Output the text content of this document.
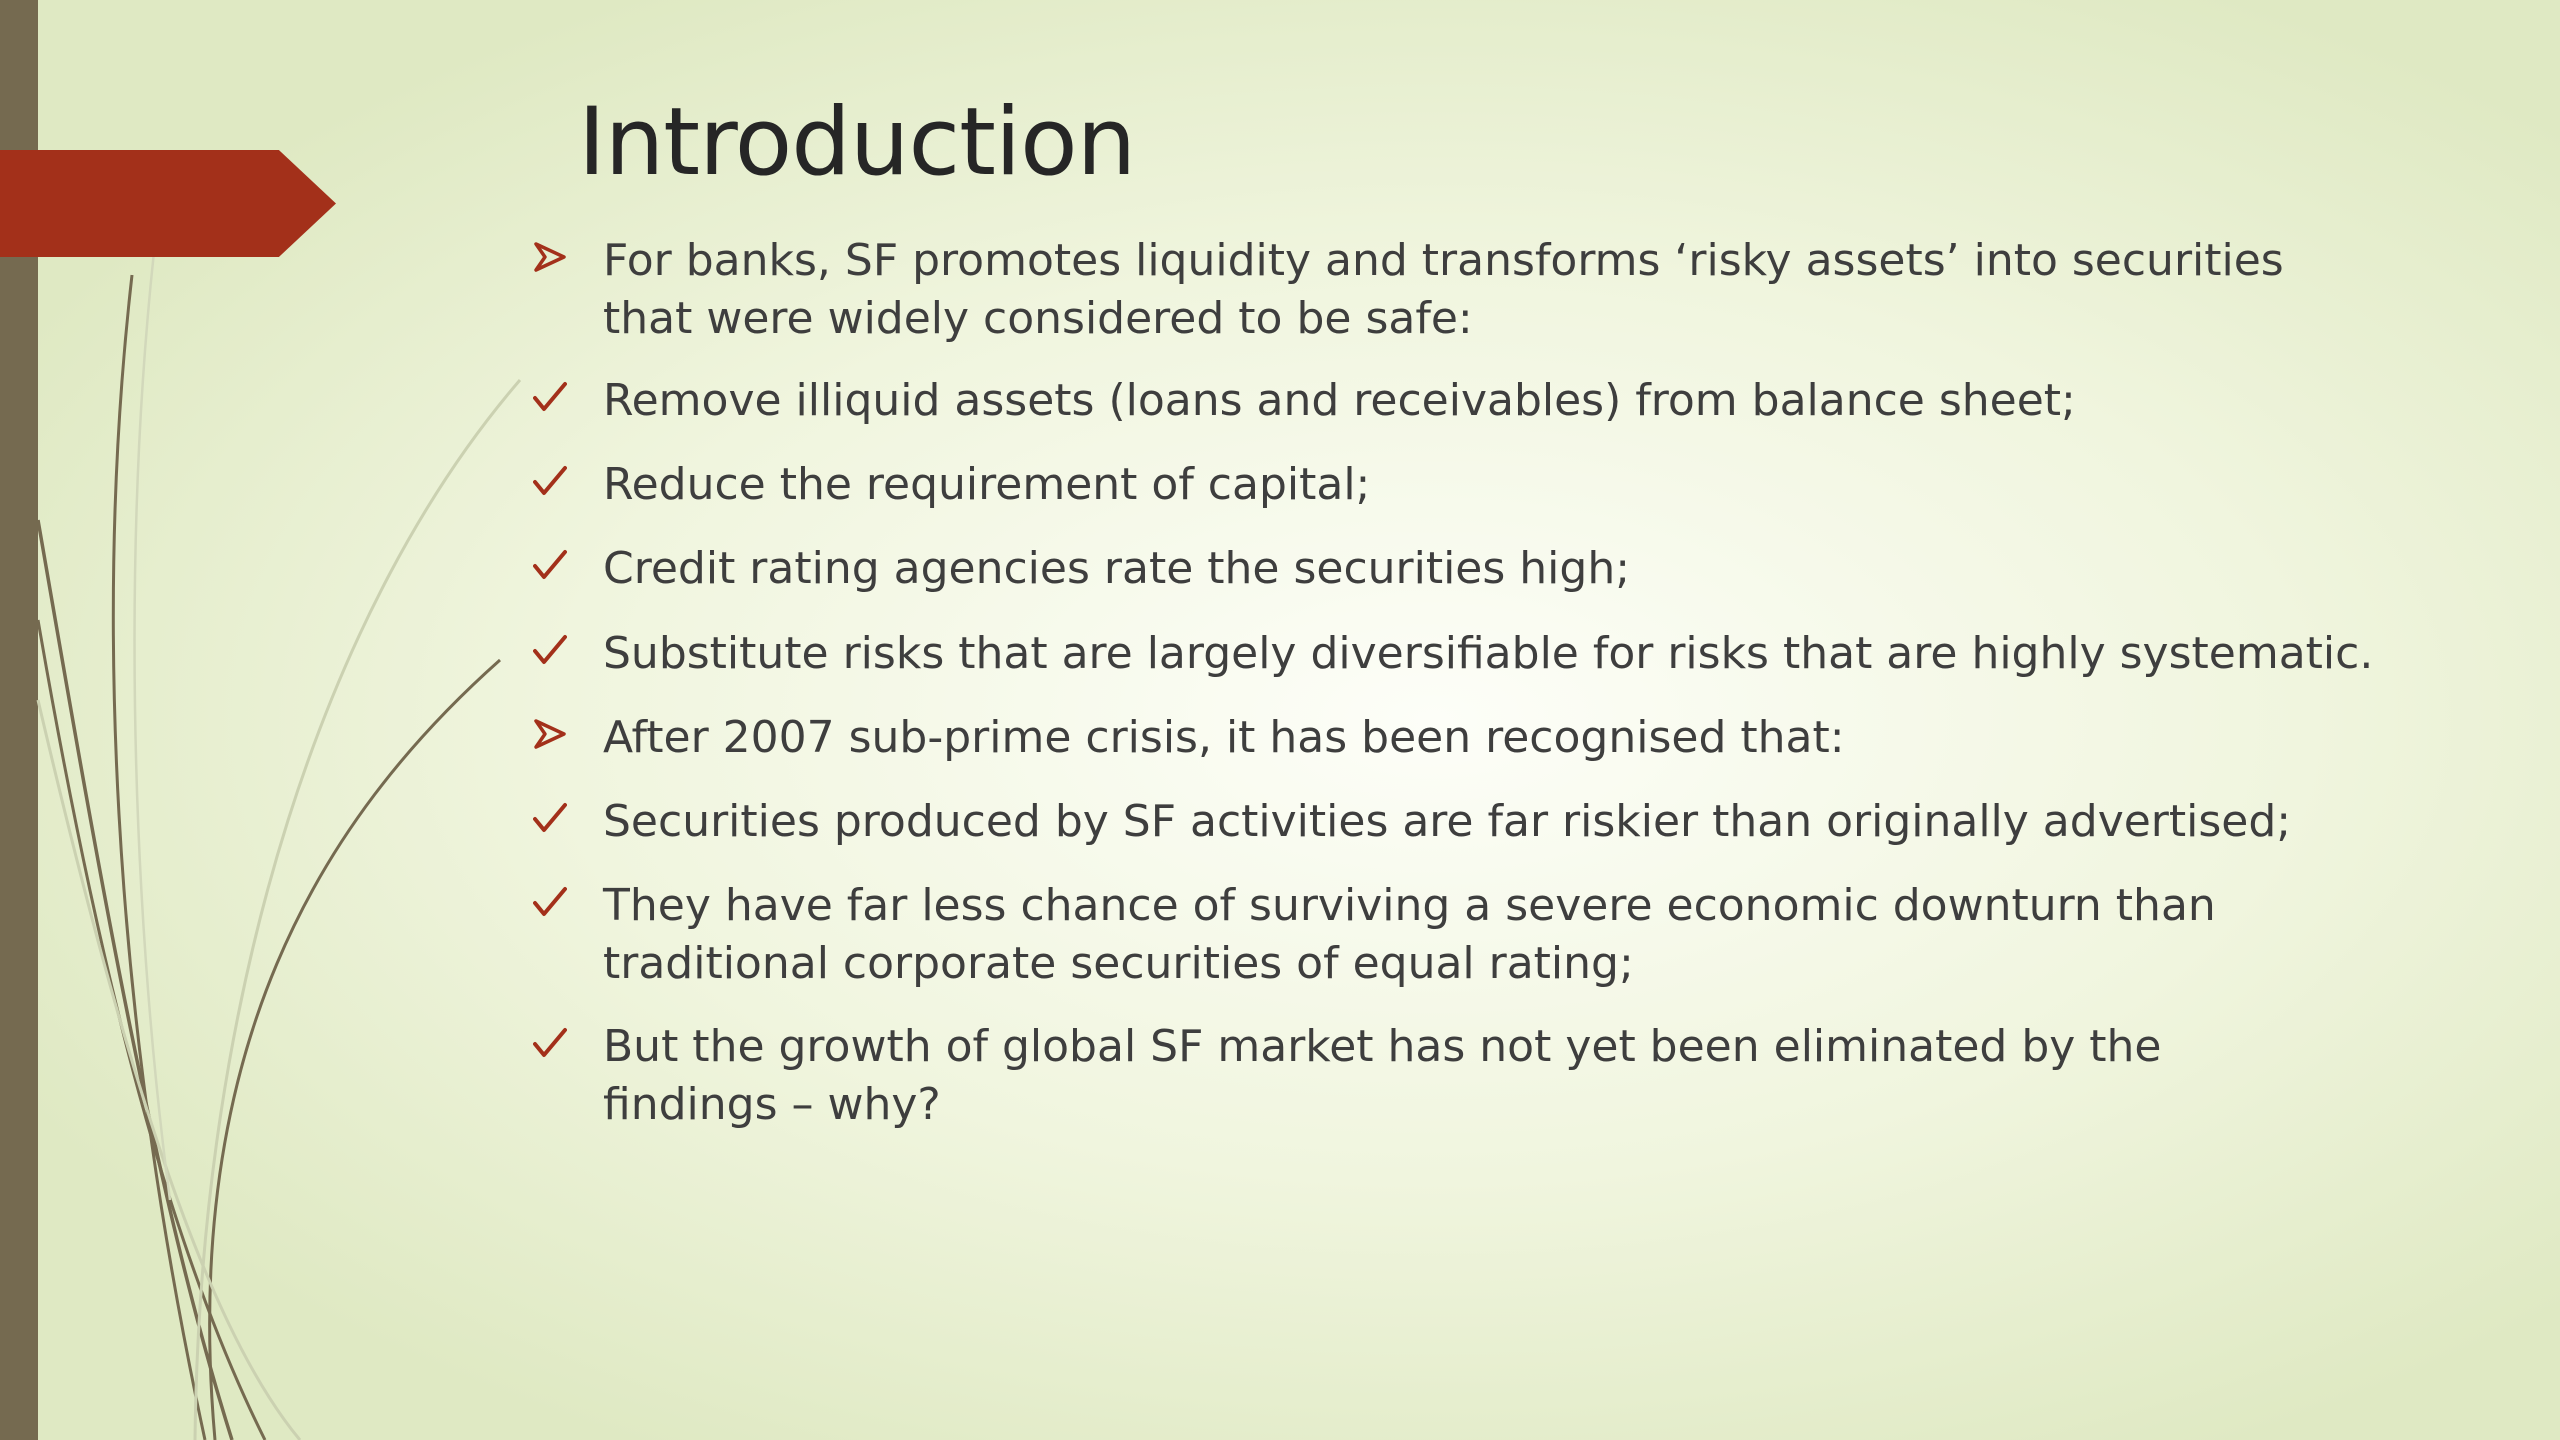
Introduction
For banks, SF promotes liquidity and transforms ‘risky assets’ into securities
that were widely considered to be safe:
Remove illiquid assets (loans and receivables) from balance sheet;
Reduce the requirement of capital;
Credit rating agencies rate the securities high;
Substitute risks that are largely diversifiable for risks that are highly systematic.
After 2007 sub-prime crisis, it has been recognised that:
Securities produced by SF activities are far riskier than originally advertised;
They have far less chance of surviving a severe economic downturn than
traditional corporate securities of equal rating;
But the growth of global SF market has not yet been eliminated by the
findings – why?
